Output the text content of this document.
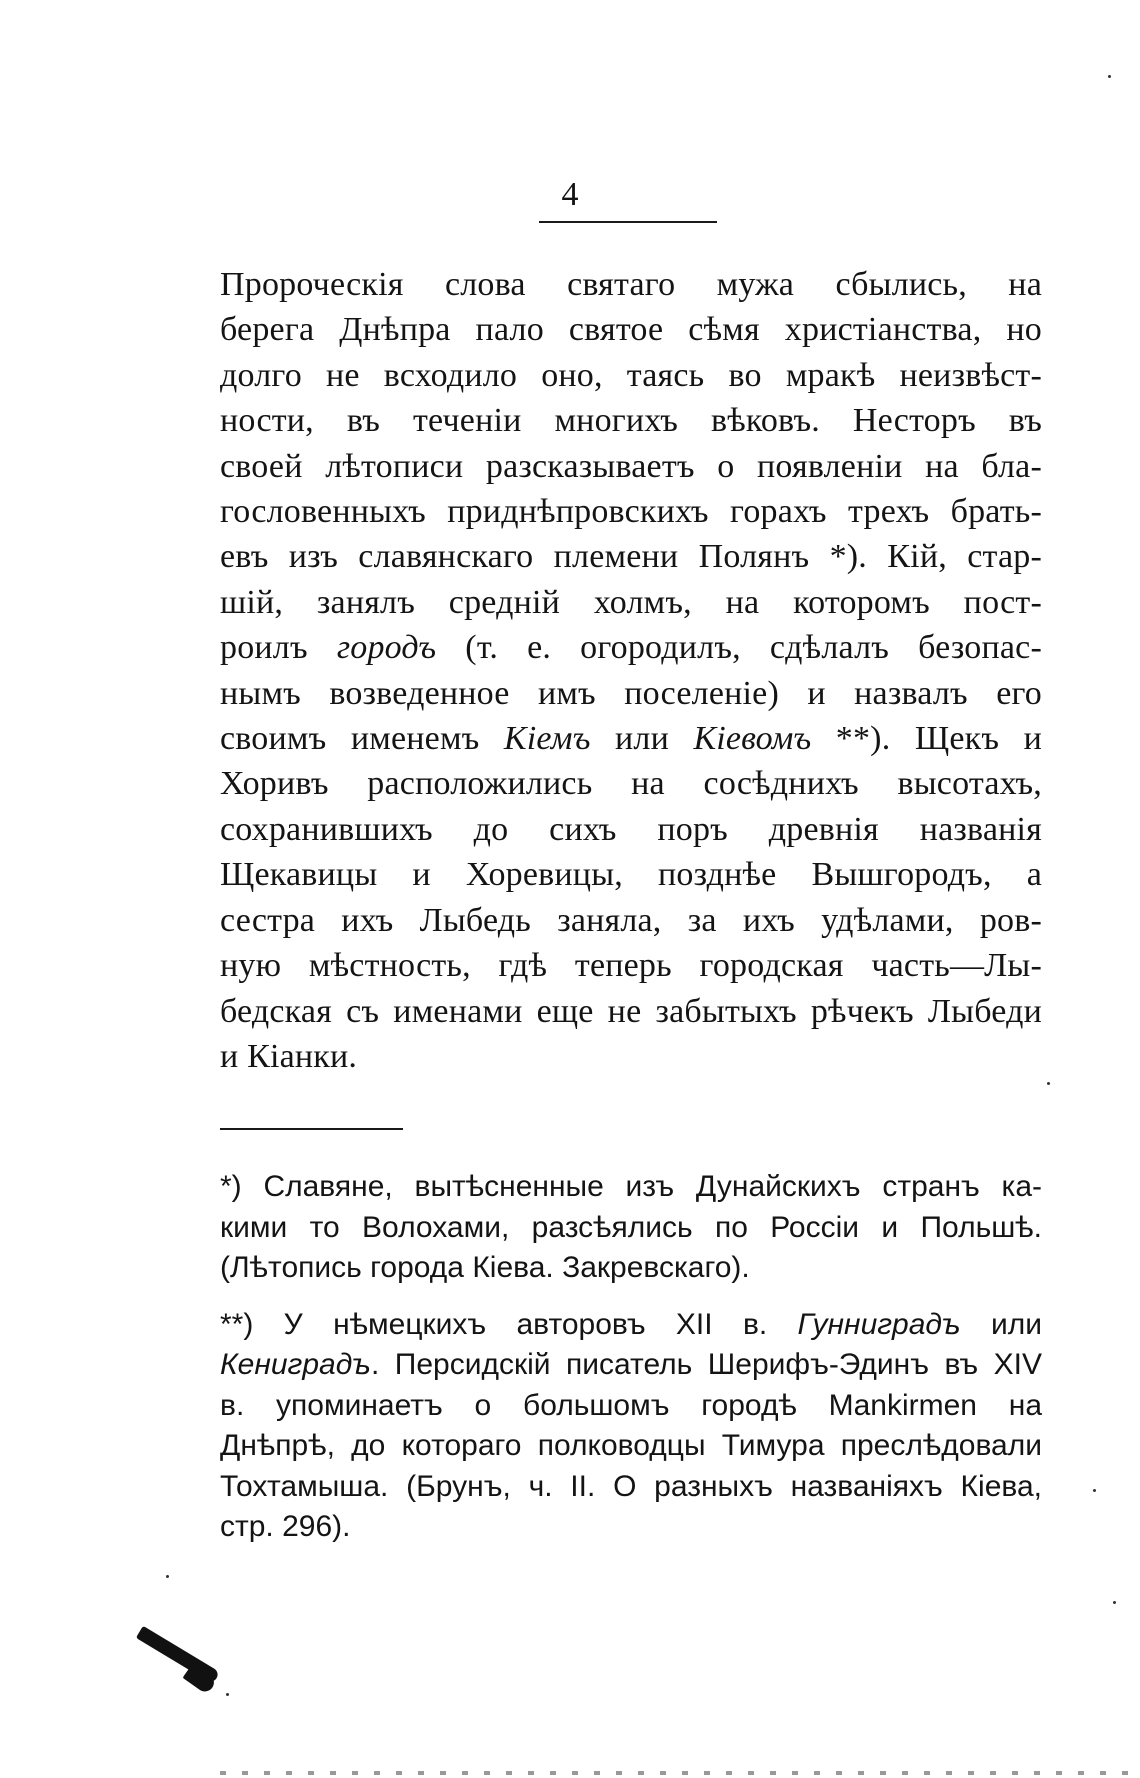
4
Пророческія слова святаго мужа сбылись, на
берега Днѣпра пало святое сѣмя христіанства, но
долго не всходило оно, таясь во мракѣ неизвѣст-
ности, въ теченіи многихъ вѣковъ. Несторъ въ
своей лѣтописи разсказываетъ о появленіи на бла-
гословенныхъ приднѣпровскихъ горахъ трехъ брать-
евъ изъ славянскаго племени Полянъ *). Кій, стар-
шій, занялъ средній холмъ, на которомъ пост-
роилъ городъ (т. е. огородилъ, сдѣлалъ безопас-
нымъ возведенное имъ поселеніе) и назвалъ его
своимъ именемъ Кіемъ или Кіевомъ **). Щекъ и
Хоривъ расположились на сосѣднихъ высотахъ,
сохранившихъ до сихъ поръ древнія названія
Щекавицы и Хоревицы, позднѣе Вышгородъ, а
сестра ихъ Лыбедь заняла, за ихъ удѣлами, ров-
ную мѣстность, гдѣ теперь городская часть—Лы-
бедская съ именами еще не забытыхъ рѣчекъ Лыбеди
и Кіанки.
*) Славяне, вытѣсненные изъ Дунайскихъ странъ ка-
кими то Волохами, разсѣялись по Россіи и Польшѣ.
(Лѣтопись города Кіева. Закревскаго).
**) У нѣмецкихъ авторовъ XII в. Гуннигpадъ или
Кенигpадъ. Персидскій писатель Шерифъ-Эдинъ въ XIV
в. упоминаетъ о большомъ городѣ Mankirmen на
Днѣпрѣ, до котораго полководцы Тимура преслѣдовали
Тохтамыша. (Брунъ, ч. II. О разныхъ названіяхъ Кіева,
стр. 296).
